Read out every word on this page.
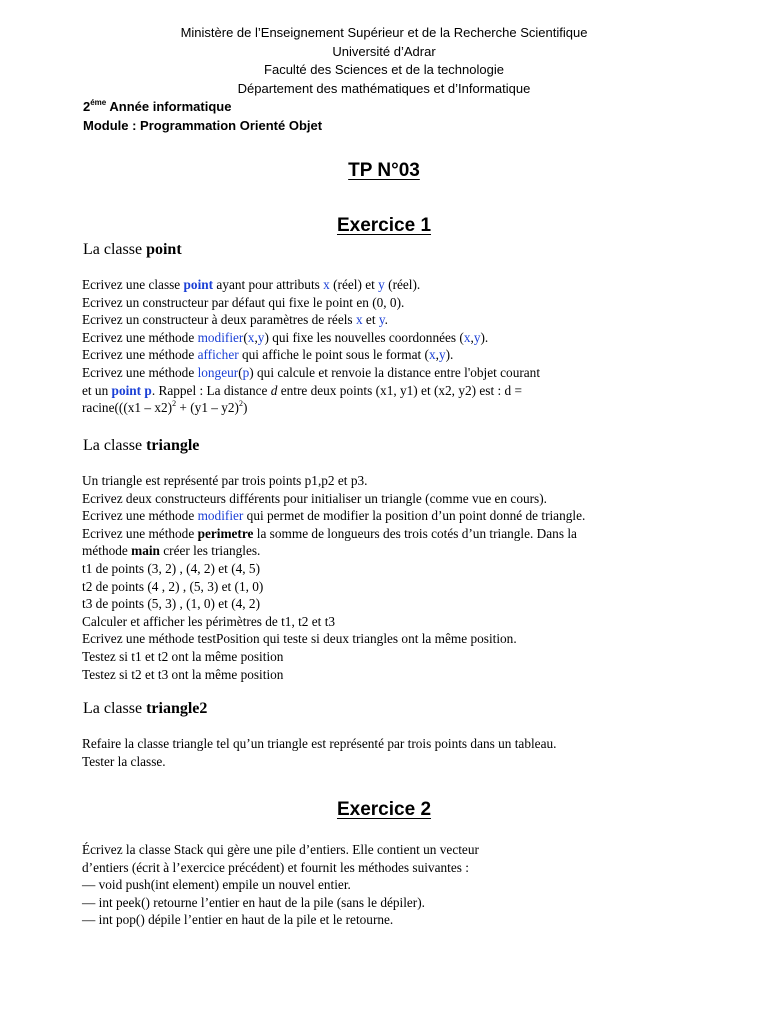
Ministère de l’Enseignement Supérieur et de la Recherche Scientifique
Université d’Adrar
Faculté des Sciences et de la technologie
Département des mathématiques et d’Informatique
$2^{éme}$ Année informatique
Module : Programmation Orienté Objet
TP N°03
Exercice 1
La classe point
Ecrivez une classe point ayant pour attributs x (réel) et y (réel).
Ecrivez un constructeur par défaut qui fixe le point en (0, 0).
Ecrivez un constructeur à deux paramètres de réels x et y.
Ecrivez une méthode modifier(x,y) qui fixe les nouvelles coordonnées (x,y).
Ecrivez une méthode afficher qui affiche le point sous le format (x,y).
Ecrivez une méthode longeur(p) qui calcule et renvoie la distance entre l'objet courant
et un point p. Rappel : La distance d entre deux points (x1, y1) et (x2, y2) est : d =
racine(((x1 – x2)$^2$ + (y1 – y2)$^2$)
La classe triangle
Un triangle est représenté par trois points p1,p2 et p3.
Ecrivez deux constructeurs différents pour initialiser un triangle (comme vue en cours).
Ecrivez une méthode modifier qui permet de modifier la position d’un point donné de triangle.
Ecrivez une méthode perimetre la somme de longueurs des trois cotés d’un triangle. Dans la
méthode main créer les triangles.
t1 de points (3, 2) , (4, 2) et (4, 5)
t2 de points (4 , 2) , (5, 3) et (1, 0)
t3 de points (5, 3) , (1, 0) et (4, 2)
Calculer et afficher les périmètres de t1, t2 et t3
Ecrivez une méthode testPosition qui teste si deux triangles ont la même position.
Testez si t1 et t2 ont la même position
Testez si t2 et t3 ont la même position
La classe triangle2
Refaire la classe triangle tel qu’un triangle est représenté par trois points dans un tableau.
Tester la classe.
Exercice 2
Écrivez la classe Stack qui gère une pile d’entiers. Elle contient un vecteur
d’entiers (écrit à l’exercice précédent) et fournit les méthodes suivantes :
— void push(int element) empile un nouvel entier.
— int peek() retourne l’entier en haut de la pile (sans le dépiler).
— int pop() dépile l’entier en haut de la pile et le retourne.
